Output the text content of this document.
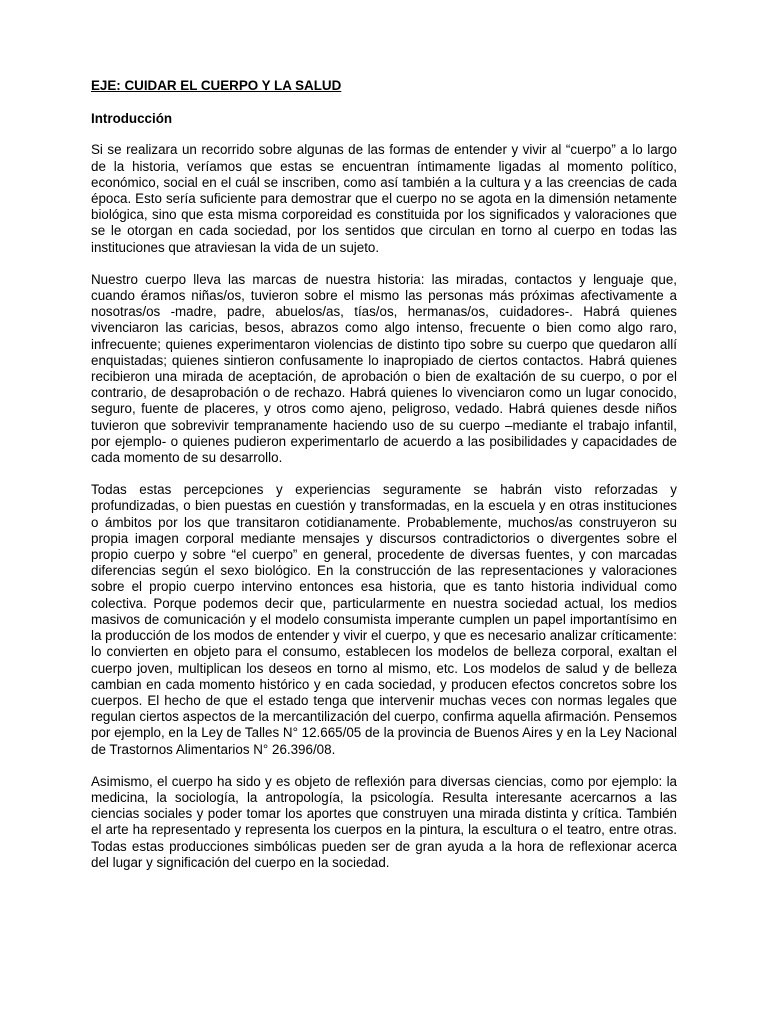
EJE: CUIDAR EL CUERPO Y LA SALUD
Introducción

Si se realizara un recorrido sobre algunas de las formas de entender y vivir al “cuerpo” a lo largo de la historia, veríamos que estas se encuentran íntimamente ligadas al momento político, económico, social en el cuál se inscriben, como así también a la cultura y a las creencias de cada época. Esto sería suficiente para demostrar que el cuerpo no se agota en la dimensión netamente biológica, sino que esta misma corporeidad es constituida por los significados y valoraciones que se le otorgan en cada sociedad, por los sentidos que circulan en torno al cuerpo en todas las instituciones que atraviesan la vida de un sujeto.

Nuestro cuerpo lleva las marcas de nuestra historia: las miradas, contactos y lenguaje que, cuando éramos niñas/os, tuvieron sobre el mismo las personas más próximas afectivamente a nosotras/os -madre, padre, abuelos/as, tías/os, hermanas/os, cuidadores-. Habrá quienes vivenciaron las caricias, besos, abrazos como algo intenso, frecuente o bien como algo raro, infrecuente; quienes experimentaron violencias de distinto tipo sobre su cuerpo que quedaron allí enquistadas; quienes sintieron confusamente lo inapropiado de ciertos contactos. Habrá quienes recibieron una mirada de aceptación, de aprobación o bien de exaltación de su cuerpo, o por el contrario, de desaprobación o de rechazo. Habrá quienes lo vivenciaron como un lugar conocido, seguro, fuente de placeres, y otros como ajeno, peligroso, vedado. Habrá quienes desde niños tuvieron que sobrevivir tempranamente haciendo uso de su cuerpo –mediante el trabajo infantil, por ejemplo- o quienes pudieron experimentarlo de acuerdo a las posibilidades y capacidades de cada momento de su desarrollo.

Todas estas percepciones y experiencias seguramente se habrán visto reforzadas y profundizadas, o bien puestas en cuestión y transformadas, en la escuela y en otras instituciones o ámbitos por los que transitaron cotidianamente. Probablemente, muchos/as construyeron su propia imagen corporal mediante mensajes y discursos contradictorios o divergentes sobre el propio cuerpo y sobre “el cuerpo” en general, procedente de diversas fuentes, y con marcadas diferencias según el sexo biológico. En la construcción de las representaciones y valoraciones sobre el propio cuerpo intervino entonces esa historia, que es tanto historia individual como colectiva. Porque podemos decir que, particularmente en nuestra sociedad actual, los medios masivos de comunicación y el modelo consumista imperante cumplen un papel importantísimo en la producción de los modos de entender y vivir el cuerpo, y que es necesario analizar críticamente: lo convierten en objeto para el consumo, establecen los modelos de belleza corporal, exaltan el cuerpo joven, multiplican los deseos en torno al mismo, etc. Los modelos de salud y de belleza cambian en cada momento histórico y en cada sociedad, y producen efectos concretos sobre los cuerpos. El hecho de que el estado tenga que intervenir muchas veces con normas legales que regulan ciertos aspectos de la mercantilización del cuerpo, confirma aquella afirmación. Pensemos por ejemplo, en la Ley de Talles N° 12.665/05 de la provincia de Buenos Aires y en la Ley Nacional de Trastornos Alimentarios N° 26.396/08.

Asimismo, el cuerpo ha sido y es objeto de reflexión para diversas ciencias, como por ejemplo: la medicina, la sociología, la antropología, la psicología. Resulta interesante acercarnos a las ciencias sociales y poder tomar los aportes que construyen una mirada distinta y crítica. También el arte ha representado y representa los cuerpos en la pintura, la escultura o el teatro, entre otras. Todas estas producciones simbólicas pueden ser de gran ayuda a la hora de reflexionar acerca del lugar y significación del cuerpo en la sociedad.
